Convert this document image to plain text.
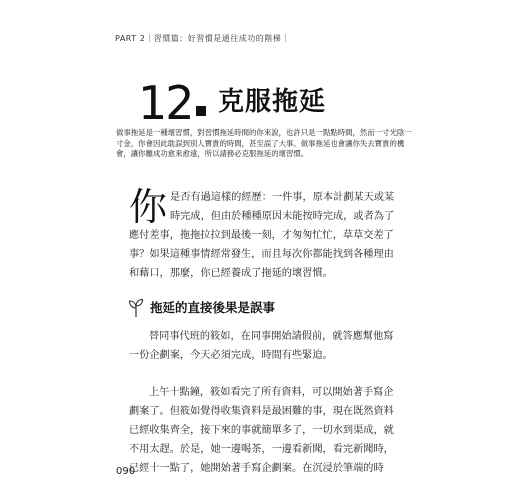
PART 2｜習慣篇：好習慣是通往成功的階梯｜
12 克服拖延
做事拖延是一種壞習慣，對習慣拖延時間的你來說，也許只是一點點時間，然而一寸光陰一寸金，你會因此耽誤到別人寶貴的時間，甚至誤了大事。做事拖延也會讓你失去寶貴的機會，讓你離成功愈來愈遠，所以請務必克服拖延的壞習慣。
你 是否有過這樣的經歷：一件事，原本計劃某天或某時完成，但由於種種原因未能按時完成，或者為了應付差事，拖拖拉拉到最後一刻，才匆匆忙忙，草草交差了事？如果這種事情經常發生，而且每次你都能找到各種理由和藉口，那麼，你已經養成了拖延的壞習慣。
拖延的直接後果是誤事

替同事代班的筱如，在同事開始請假前，就答應幫他寫一份企劃案，今天必須完成，時間有些緊迫。

上午十點鐘，筱如看完了所有資料，可以開始著手寫企劃案了。但筱如覺得收集資料是最困難的事，現在既然資料已經收集齊全，接下來的事就簡單多了，一切水到渠成，就不用太趕。於是，她一邊喝茶，一邊看新聞，看完新聞時，已經十一點了，她開始著手寫企劃案。在沉浸於筆端的時

090
